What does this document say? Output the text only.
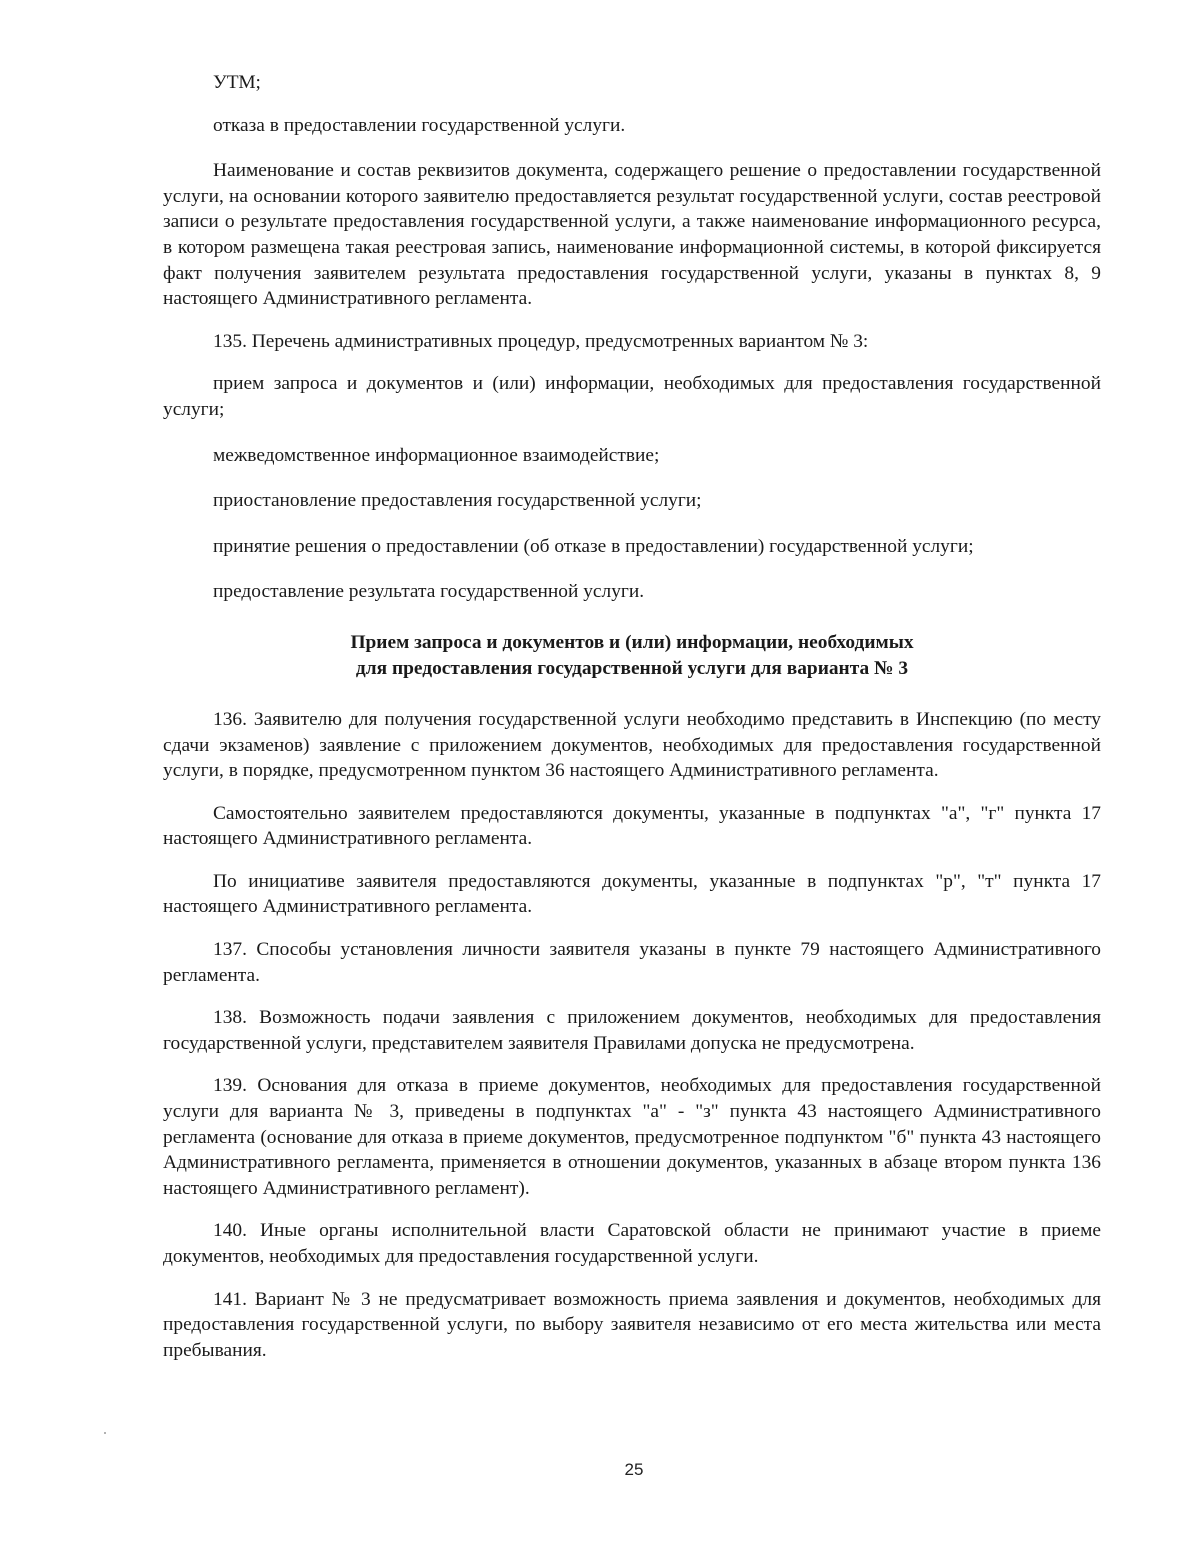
УТМ;

отказа в предоставлении государственной услуги.

Наименование и состав реквизитов документа, содержащего решение о предоставлении государственной услуги, на основании которого заявителю предоставляется результат государственной услуги, состав реестровой записи о результате предоставления государственной услуги, а также наименование информационного ресурса, в котором размещена такая реестровая запись, наименование информационной системы, в которой фиксируется факт получения заявителем результата предоставления государственной услуги, указаны в пунктах 8, 9 настоящего Административного регламента.

135. Перечень административных процедур, предусмотренных вариантом № 3:

прием запроса и документов и (или) информации, необходимых для предоставления государственной услуги;

межведомственное информационное взаимодействие;

приостановление предоставления государственной услуги;

принятие решения о предоставлении (об отказе в предоставлении) государственной услуги;

предоставление результата государственной услуги.

Прием запроса и документов и (или) информации, необходимых
для предоставления государственной услуги для варианта № 3

136. Заявителю для получения государственной услуги необходимо представить в Инспекцию (по месту сдачи экзаменов) заявление с приложением документов, необходимых для предоставления государственной услуги, в порядке, предусмотренном пунктом 36 настоящего Административного регламента.

Самостоятельно заявителем предоставляются документы, указанные в подпунктах "а", "г" пункта 17 настоящего Административного регламента.

По инициативе заявителя предоставляются документы, указанные в подпунктах "р", "т" пункта 17 настоящего Административного регламента.

137. Способы установления личности заявителя указаны в пункте 79 настоящего Административного регламента.

138. Возможность подачи заявления с приложением документов, необходимых для предоставления государственной услуги, представителем заявителя Правилами допуска не предусмотрена.

139. Основания для отказа в приеме документов, необходимых для предоставления государственной услуги для варианта № 3, приведены в подпунктах "а" - "з" пункта 43 настоящего Административного регламента (основание для отказа в приеме документов, предусмотренное подпунктом "б" пункта 43 настоящего Административного регламента, применяется в отношении документов, указанных в абзаце втором пункта 136 настоящего Административного регламент).

140. Иные органы исполнительной власти Саратовской области не принимают участие в приеме документов, необходимых для предоставления государственной услуги.

141. Вариант № 3 не предусматривает возможность приема заявления и документов, необходимых для предоставления государственной услуги, по выбору заявителя независимо от его места жительства или места пребывания.

25
